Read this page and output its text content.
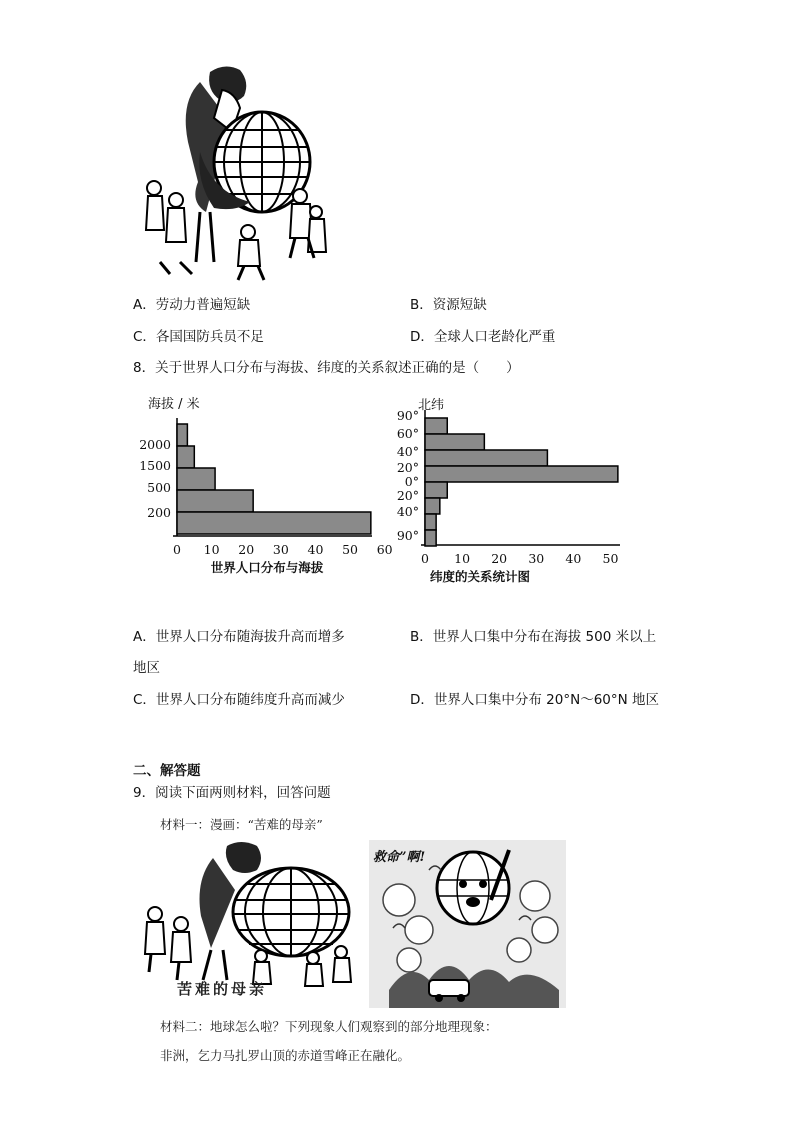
A．劳动力普遍短缺	B．资源短缺
C．各国国防兵员不足	D．全球人口老龄化严重
8．关于世界人口分布与海拔、纬度的关系叙述正确的是（　　）
海拔 / 米
2000
1500
500
200
0 10 20 30 40 50 60
世界人口分布与海拔
北纬
90°
60°
40°
20°
0°
20°
40°
90°
0 10 20 30 40 50
纬度的关系统计图
A．世界人口分布随海拔升高而增多	B．世界人口集中分布在海拔 500 米以上
地区
C．世界人口分布随纬度升高而减少	D．世界人口集中分布 20°N～60°N 地区
二、解答题
9．阅读下面两则材料，回答问题
材料一：漫画：“苦难的母亲”
苦难的母亲
救命”啊!
材料二：地球怎么啦？下列现象人们观察到的部分地理现象：
非洲，乞力马扎罗山顶的赤道雪峰正在融化。
